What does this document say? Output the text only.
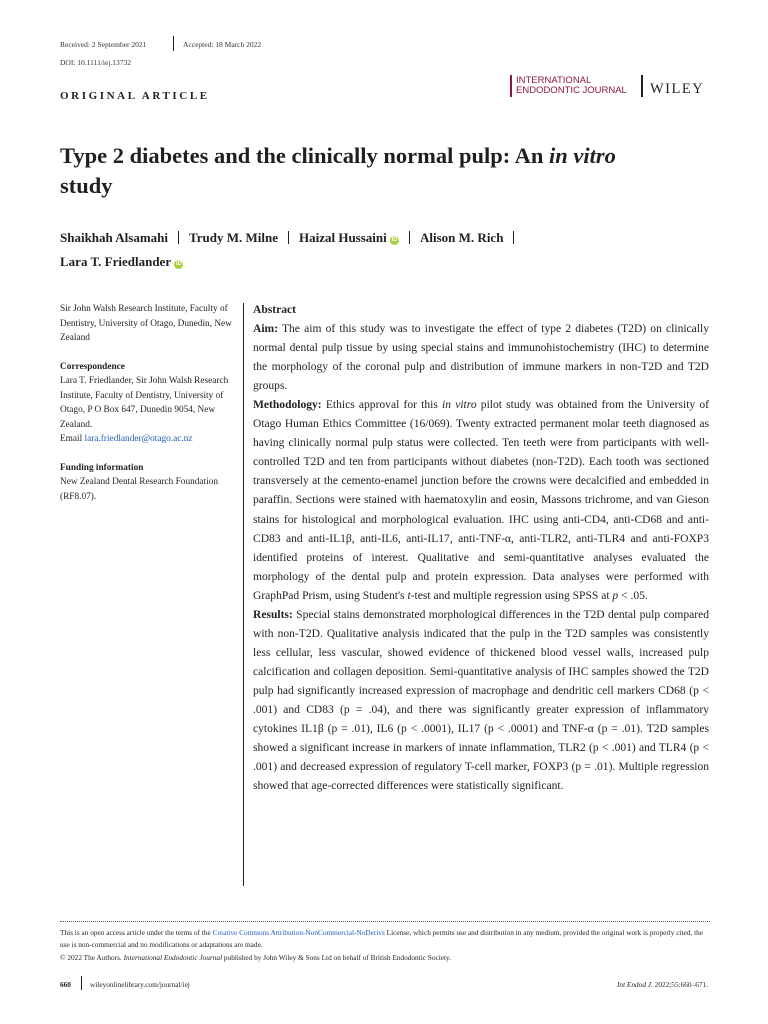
Received: 2 September 2021	Accepted: 18 March 2022
DOI: 10.1111/iej.13732
ORIGINAL ARTICLE
INTERNATIONAL
ENDODONTIC JOURNAL WILEY
Type 2 diabetes and the clinically normal pulp: An in vitro
study
Shaikhah Alsamahi Trudy M. Milne Haizal Hussaini iD Alison M. Rich
Lara T. Friedlander iD
Sir John Walsh Research Institute, Faculty of Dentistry, University of Otago, Dunedin, New Zealand
Correspondence
Lara T. Friedlander, Sir John Walsh Research Institute, Faculty of Dentistry, University of Otago, P O Box 647, Dunedin 9054, New Zealand.
Email lara.friedlander@otago.ac.nz
Funding information
New Zealand Dental Research Foundation (RF8.07).

Abstract

Aim: The aim of this study was to investigate the effect of type 2 diabetes (T2D) on clinically normal dental pulp tissue by using special stains and immunohistochemistry (IHC) to determine the morphology of the coronal pulp and distribution of immune markers in non-T2D and T2D groups.

Methodology: Ethics approval for this in vitro pilot study was obtained from the University of Otago Human Ethics Committee (16/069). Twenty extracted permanent molar teeth diagnosed as having clinically normal pulp status were collected. Ten teeth were from participants with well-controlled T2D and ten from participants without diabetes (non-T2D). Each tooth was sectioned transversely at the cemento-enamel junction before the crowns were decalcified and embedded in paraffin. Sections were stained with haematoxylin and eosin, Massons trichrome, and van Gieson stains for histological and morphological evaluation. IHC using anti-CD4, anti-CD68 and anti-CD83 and anti-IL1β, anti-IL6, anti-IL17, anti-TNF-α, anti-TLR2, anti-TLR4 and anti-FOXP3 identified proteins of interest. Qualitative and semi-quantitative analyses evaluated the morphology of the dental pulp and protein expression. Data analyses were performed with GraphPad Prism, using Student's t-test and multiple regression using SPSS at p < .05.

Results: Special stains demonstrated morphological differences in the T2D dental pulp compared with non-T2D. Qualitative analysis indicated that the pulp in the T2D samples was consistently less cellular, less vascular, showed evidence of thickened blood vessel walls, increased pulp calcification and collagen deposition. Semi-quantitative analysis of IHC samples showed the T2D pulp had significantly increased expression of macrophage and dendritic cell markers CD68 (p < .001) and CD83 (p = .04), and there was significantly greater expression of inflammatory cytokines IL1β (p = .01), IL6 (p < .0001), IL17 (p < .0001) and TNF-α (p = .01). T2D samples showed a significant increase in markers of innate inflammation, TLR2 (p < .001) and TLR4 (p < .001) and decreased expression of regulatory T-cell marker, FOXP3 (p = .01). Multiple regression showed that age-corrected differences were statistically significant.

This is an open access article under the terms of the Creative Commons Attribution-NonCommercial-NoDerivs License, which permits use and distribution in any medium, provided the original work is properly cited, the use is non-commercial and no modifications or adaptations are made.
© 2022 The Authors. International Endodontic Journal published by John Wiley & Sons Ltd on behalf of British Endodontic Society.
660	wileyonlinelibrary.com/journal/iej	Int Endod J. 2022;55:660–671.
